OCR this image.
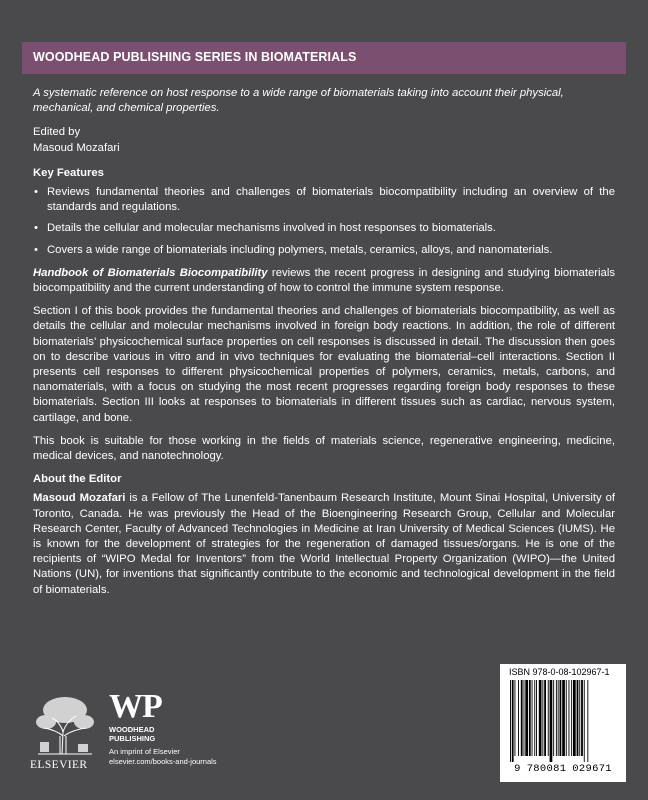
WOODHEAD PUBLISHING SERIES IN BIOMATERIALS

A systematic reference on host response to a wide range of biomaterials taking into account their physical, mechanical, and chemical properties.

Edited by
Masoud Mozafari
Key Features
• Reviews fundamental theories and challenges of biomaterials biocompatibility including an overview of the standards and regulations.
• Details the cellular and molecular mechanisms involved in host responses to biomaterials.
• Covers a wide range of biomaterials including polymers, metals, ceramics, alloys, and nanomaterials.

Handbook of Biomaterials Biocompatibility reviews the recent progress in designing and studying biomaterials biocompatibility and the current understanding of how to control the immune system response.

Section I of this book provides the fundamental theories and challenges of biomaterials biocompatibility, as well as details the cellular and molecular mechanisms involved in foreign body reactions. In addition, the role of different biomaterials’ physicochemical surface properties on cell responses is discussed in detail. The discussion then goes on to describe various in vitro and in vivo techniques for evaluating the biomaterial–cell interactions. Section II presents cell responses to different physicochemical properties of polymers, ceramics, metals, carbons, and nanomaterials, with a focus on studying the most recent progresses regarding foreign body responses to these biomaterials. Section III looks at responses to biomaterials in different tissues such as cardiac, nervous system, cartilage, and bone.

This book is suitable for those working in the fields of materials science, regenerative engineering, medicine, medical devices, and nanotechnology.

About the Editor

Masoud Mozafari is a Fellow of The Lunenfeld-Tanenbaum Research Institute, Mount Sinai Hospital, University of Toronto, Canada. He was previously the Head of the Bioengineering Research Group, Cellular and Molecular Research Center, Faculty of Advanced Technologies in Medicine at Iran University of Medical Sciences (IUMS). He is known for the development of strategies for the regeneration of damaged tissues/organs. He is one of the recipients of “WIPO Medal for Inventors” from the World Intellectual Property Organization (WIPO)—the United Nations (UN), for inventions that significantly contribute to the economic and technological development in the field of biomaterials.

ELSEVIER
WP
WOODHEAD
PUBLISHING
An imprint of Elsevier
elsevier.com/books-and-journals
ISBN 978-0-08-102967-1
9 780081 029671
